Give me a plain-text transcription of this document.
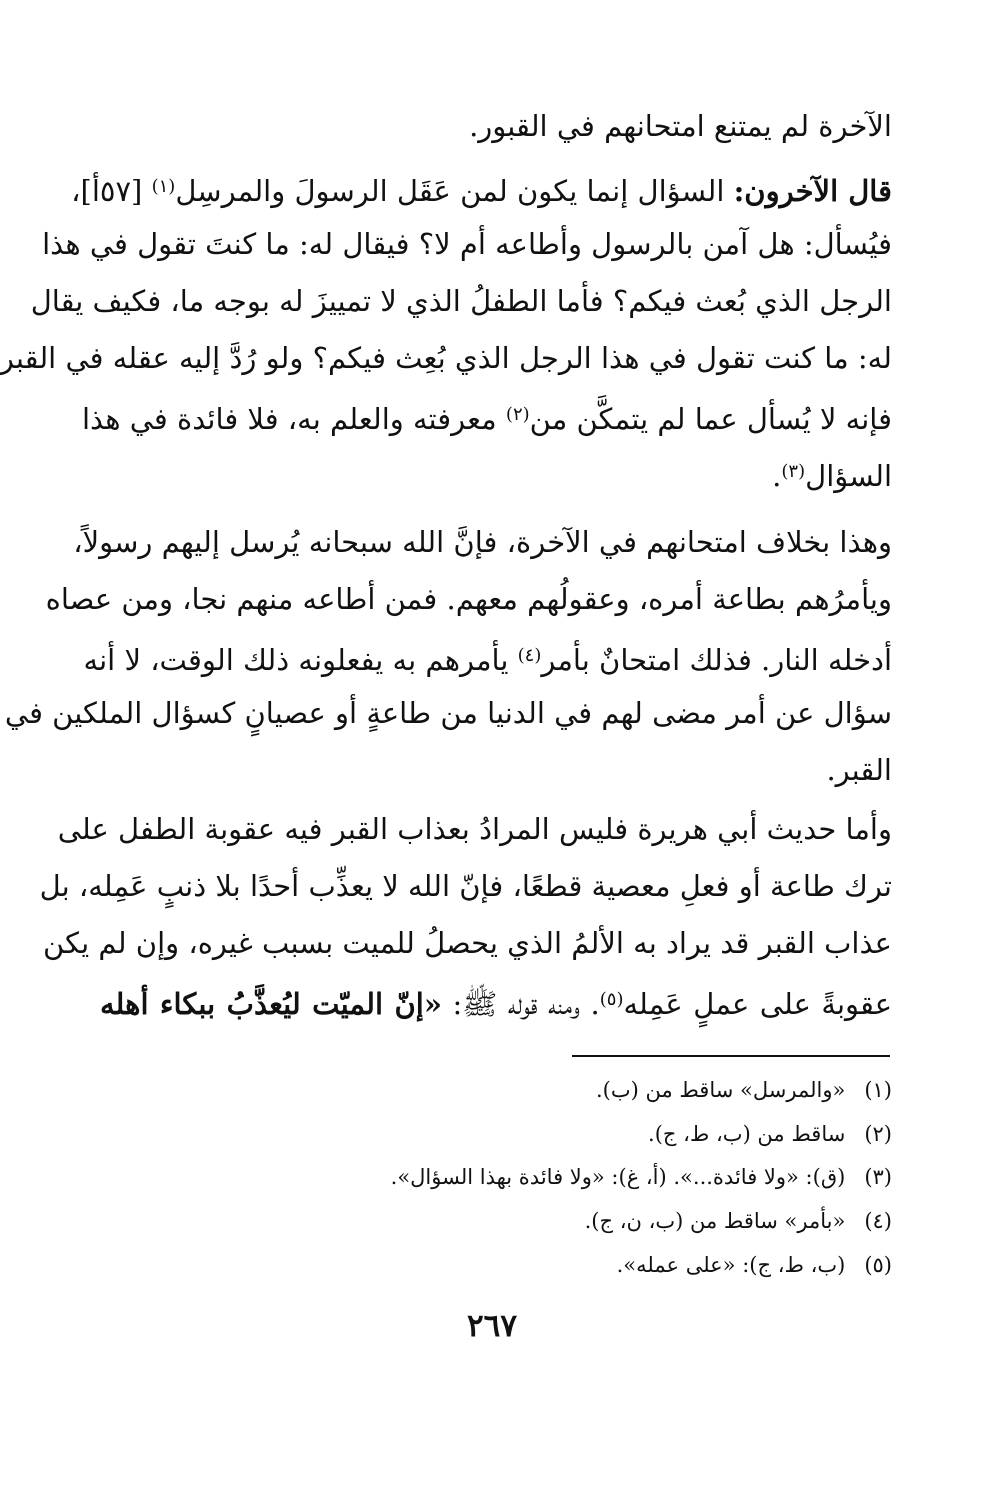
الآخرة لم يمتنع امتحانهم في القبور.
قال الآخرون: السؤال إنما يكون لمن عَقَل الرسولَ والمرسِل$^{(١)}$ [٥٧أ]،
فيُسأل: هل آمن بالرسول وأطاعه أم لا؟ فيقال له: ما كنتَ تقول في هذا
الرجل الذي بُعث فيكم؟ فأما الطفلُ الذي لا تمييزَ له بوجه ما، فكيف يقال
له: ما كنت تقول في هذا الرجل الذي بُعِث فيكم؟ ولو رُدَّ إليه عقله في القبر
فإنه لا يُسأل عما لم يتمكَّن من$^{(٢)}$ معرفته والعلم به، فلا فائدة في هذا
السؤال$^{(٣)}$.
وهذا بخلاف امتحانهم في الآخرة، فإنَّ الله سبحانه يُرسل إليهم رسولاً،
ويأمرُهم بطاعة أمره، وعقولُهم معهم. فمن أطاعه منهم نجا، ومن عصاه
أدخله النار. فذلك امتحانٌ بأمر$^{(٤)}$ يأمرهم به يفعلونه ذلك الوقت، لا أنه
سؤال عن أمر مضى لهم في الدنيا من طاعةٍ أو عصيانٍ كسؤال الملكين في
القبر.
وأما حديث أبي هريرة فليس المرادُ بعذاب القبر فيه عقوبة الطفل على
ترك طاعة أو فعلِ معصية قطعًا، فإنّ الله لا يعذِّب أحدًا بلا ذنبٍ عَمِله، بل
عذاب القبر قد يراد به الألمُ الذي يحصلُ للميت بسبب غيره، وإن لم يكن
عقوبةً على عملٍ عَمِله$^{(٥)}$. ومنه قوله ﷺ: «إنّ الميّت ليُعذَّبُ ببكاء أهله
(١) «والمرسل» ساقط من (ب).
(٢) ساقط من (ب، ط، ج).
(٣) (ق): «ولا فائدة...». (أ، غ): «ولا فائدة بهذا السؤال».
(٤) «بأمر» ساقط من (ب، ن، ج).
(٥) (ب، ط، ج): «على عمله».
٢٦٧
